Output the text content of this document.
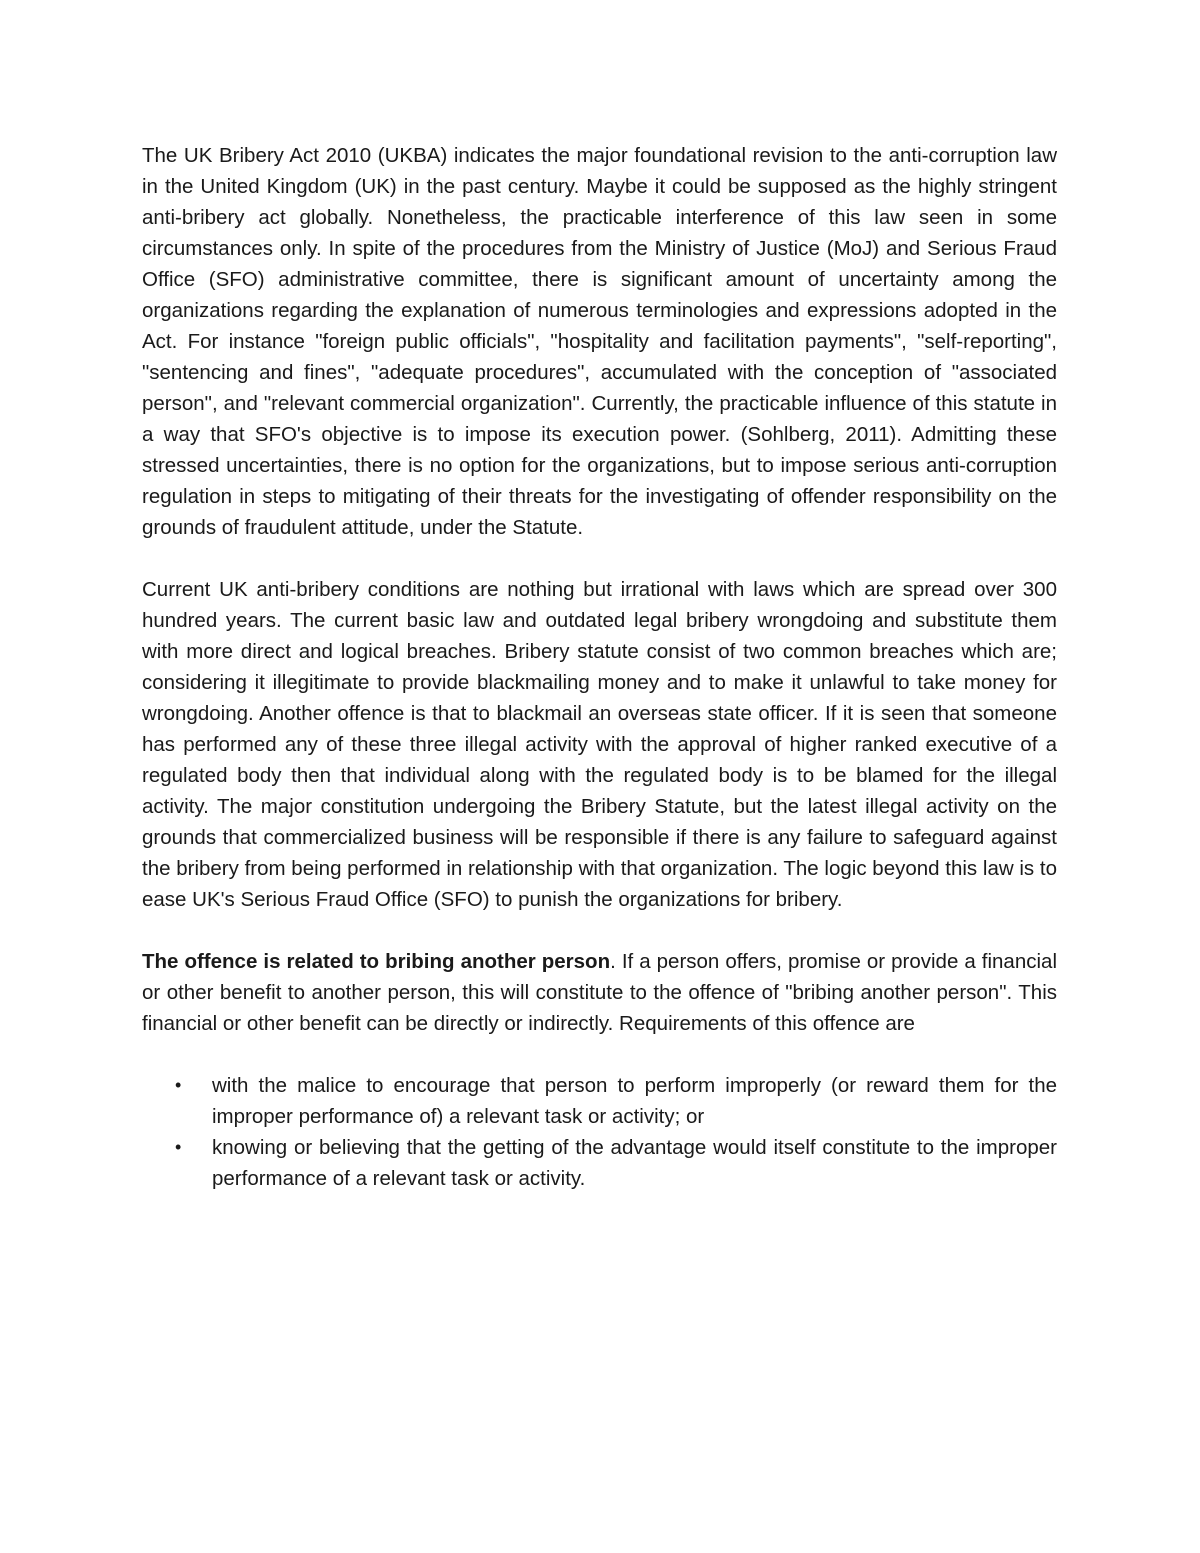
The UK Bribery Act 2010 (UKBA) indicates the major foundational revision to the anti-corruption law in the United Kingdom (UK) in the past century. Maybe it could be supposed as the highly stringent anti-bribery act globally. Nonetheless, the practicable interference of this law seen in some circumstances only. In spite of the procedures from the Ministry of Justice (MoJ) and Serious Fraud Office (SFO) administrative committee, there is significant amount of uncertainty among the organizations regarding the explanation of numerous terminologies and expressions adopted in the Act. For instance "foreign public officials", "hospitality and facilitation payments", "self-reporting", "sentencing and fines", "adequate procedures", accumulated with the conception of "associated person", and "relevant commercial organization". Currently, the practicable influence of this statute in a way that SFO's objective is to impose its execution power. (Sohlberg, 2011). Admitting these stressed uncertainties, there is no option for the organizations, but to impose serious anti-corruption regulation in steps to mitigating of their threats for the investigating of offender responsibility on the grounds of fraudulent attitude, under the Statute.

Current UK anti-bribery conditions are nothing but irrational with laws which are spread over 300 hundred years. The current basic law and outdated legal bribery wrongdoing and substitute them with more direct and logical breaches. Bribery statute consist of two common breaches which are; considering it illegitimate to provide blackmailing money and to make it unlawful to take money for wrongdoing. Another offence is that to blackmail an overseas state officer. If it is seen that someone has performed any of these three illegal activity with the approval of higher ranked executive of a regulated body then that individual along with the regulated body is to be blamed for the illegal activity. The major constitution undergoing the Bribery Statute, but the latest illegal activity on the grounds that commercialized business will be responsible if there is any failure to safeguard against the bribery from being performed in relationship with that organization. The logic beyond this law is to ease UK's Serious Fraud Office (SFO) to punish the organizations for bribery.

The offence is related to bribing another person. If a person offers, promise or provide a financial or other benefit to another person, this will constitute to the offence of "bribing another person". This financial or other benefit can be directly or indirectly. Requirements of this offence are

• with the malice to encourage that person to perform improperly (or reward them for the improper performance of) a relevant task or activity; or
• knowing or believing that the getting of the advantage would itself constitute to the improper performance of a relevant task or activity.
